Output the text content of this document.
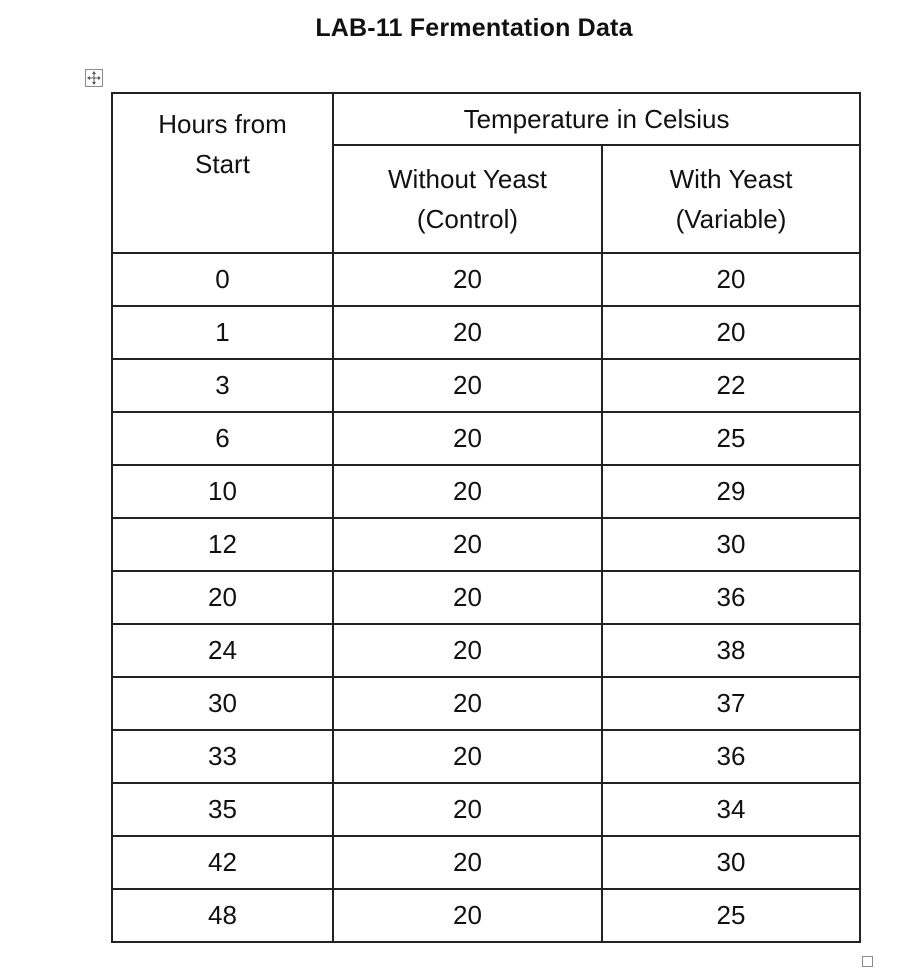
LAB-11 Fermentation Data
Hours from Start	Temperature in Celsius	
	Without Yeast (Control)	With Yeast (Variable)
0	20	20
1	20	20
3	20	22
6	20	25
10	20	29
12	20	30
20	20	36
24	20	38
30	20	37
33	20	36
35	20	34
42	20	30
48	20	25
